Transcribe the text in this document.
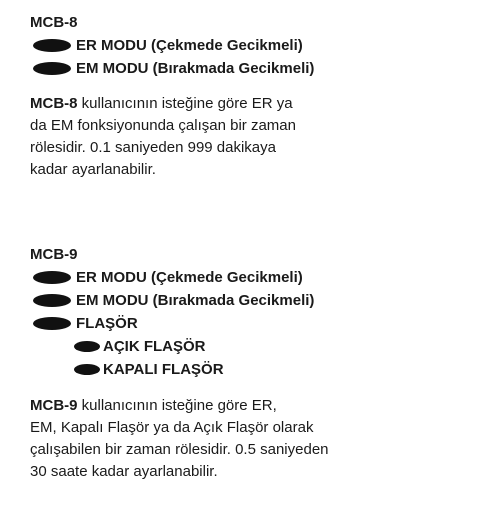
MCB-8
ER MODU (Çekmede Gecikmeli)
EM MODU (Bırakmada Gecikmeli)
MCB-8 kullanıcının isteğine göre ER ya
da EM fonksiyonunda çalışan bir zaman
rölesidir. 0.1 saniyeden 999 dakikaya
kadar ayarlanabilir.
MCB-9
ER MODU (Çekmede Gecikmeli)
EM MODU (Bırakmada Gecikmeli)
FLAŞÖR
AÇIK FLAŞÖR
KAPALI FLAŞÖR
MCB-9 kullanıcının isteğine göre ER,
EM, Kapalı Flaşör ya da Açık Flaşör olarak
çalışabilen bir zaman rölesidir. 0.5 saniyeden
30 saate kadar ayarlanabilir.
